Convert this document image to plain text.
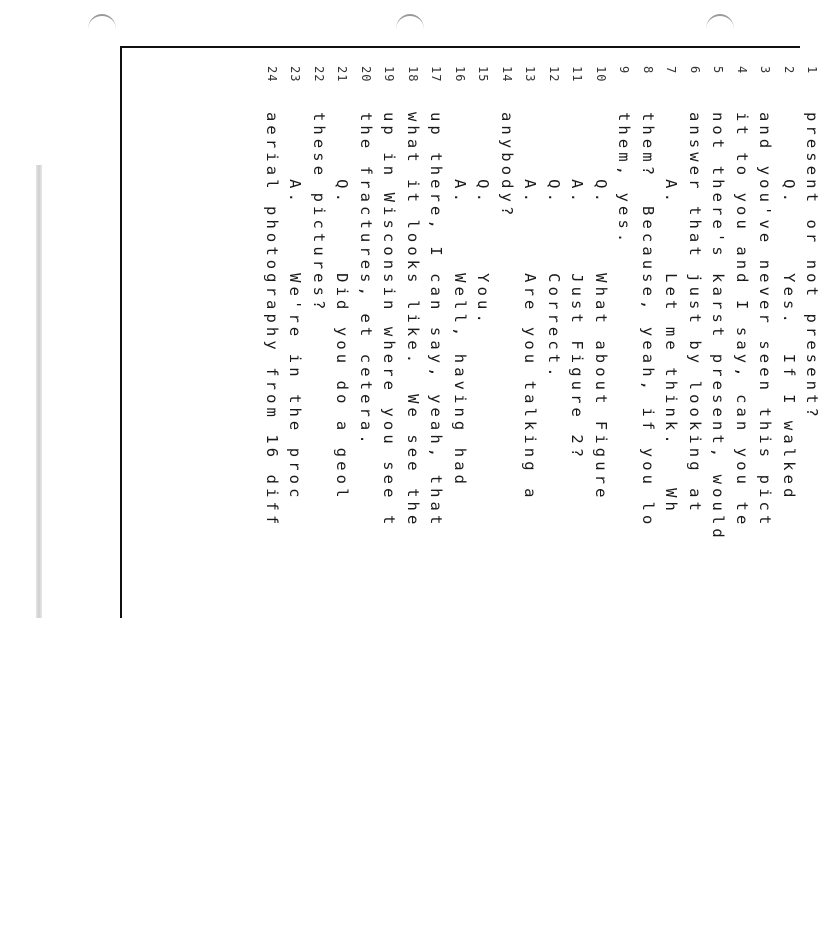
1
present or not present?
2
Q.     Yes.  If I walked
3
and you've never seen this pict
4
it to you and I say, can you te
5
not there's karst present, would
6
answer that just by looking at
7
A.     Let me think.   Wh
8
them?  Because, yeah, if you lo
9
them, yes.
10
Q.     What about Figure
11
A.     Just Figure 2?
12
Q.     Correct.
13
A.     Are you talking a
14
anybody?
15
Q.     You.
16
A.     Well, having had
17
up there, I can say, yeah, that
18
what it looks like.  We see the
19
up in Wisconsin where you see t
20
the fractures, et cetera.
21
Q.     Did you do a geol
22
these pictures?
23
A.     We're in the proc
24
aerial photography from 16 diff
